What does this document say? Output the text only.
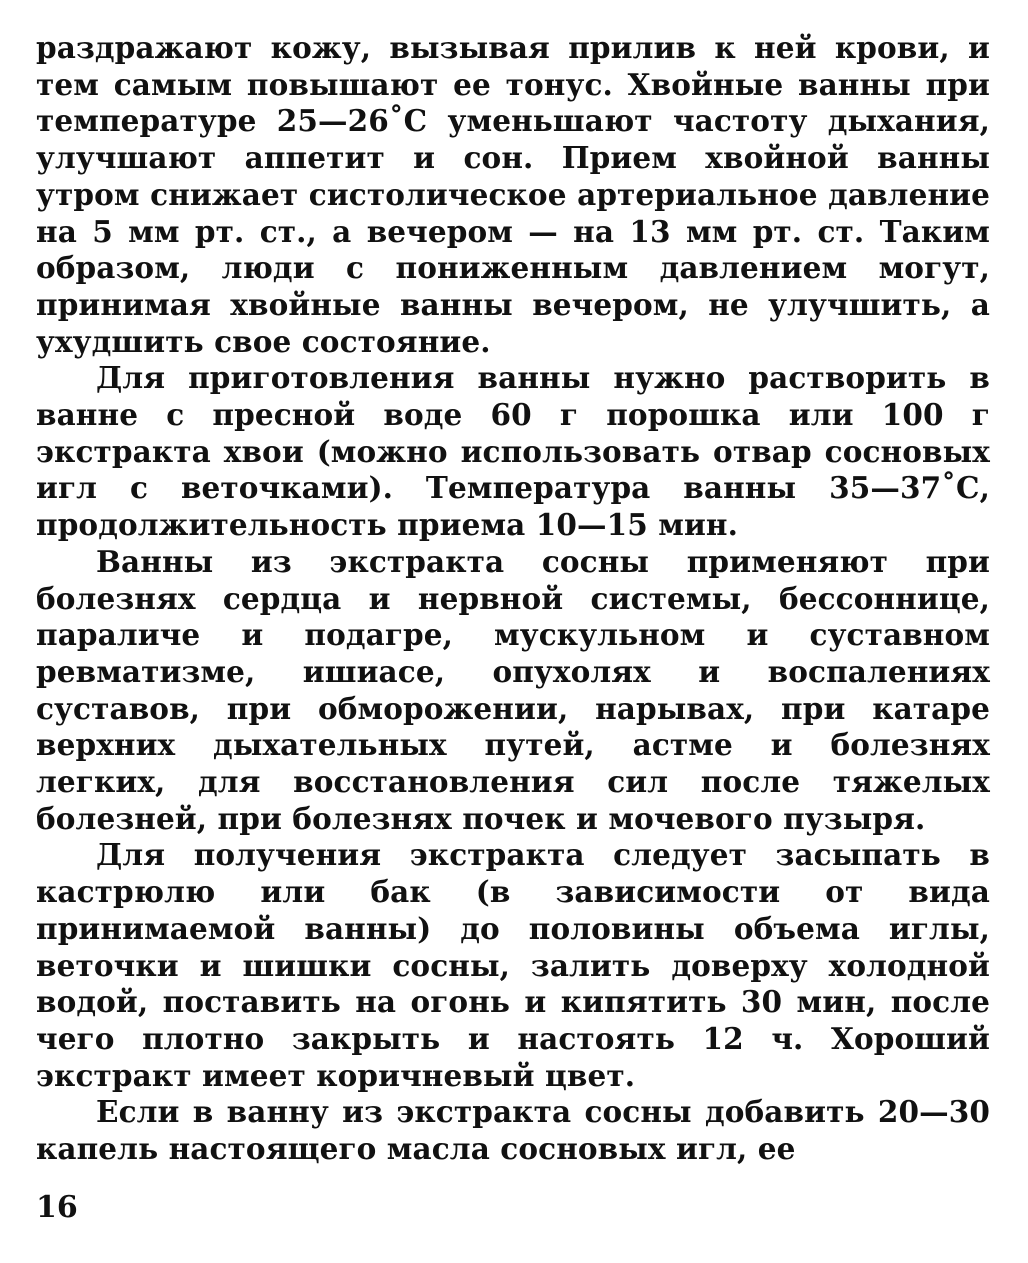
раздражают кожу, вызывая прилив к ней крови, и тем самым повышают ее тонус. Хвойные ванны при температуре 25—26˚С уменьшают частоту дыхания, улучшают аппетит и сон. Прием хвойной ванны утром снижает систолическое артериальное давление на 5 мм рт. ст., а вечером — на 13 мм рт. ст. Таким образом, люди с пониженным давлением могут, принимая хвойные ванны вечером, не улучшить, а ухудшить свое состояние.

Для приготовления ванны нужно растворить в ванне с пресной воде 60 г порошка или 100 г экстракта хвои (можно использовать отвар сосновых игл с веточками). Температура ванны 35—37˚С, продолжительность приема 10—15 мин.

Ванны из экстракта сосны применяют при болезнях сердца и нервной системы, бессоннице, параличе и подагре, мускульном и суставном ревматизме, ишиасе, опухолях и воспалениях суставов, при обморожении, нарывах, при катаре верхних дыхательных путей, астме и болезнях легких, для восстановления сил после тяжелых болезней, при болезнях почек и мочевого пузыря.

Для получения экстракта следует засыпать в кастрюлю или бак (в зависимости от вида принимаемой ванны) до половины объема иглы, веточки и шишки сосны, залить доверху холодной водой, поставить на огонь и кипятить 30 мин, после чего плотно закрыть и настоять 12 ч. Хороший экстракт имеет коричневый цвет.

Если в ванну из экстракта сосны добавить 20—30 капель настоящего масла сосновых игл, ее

16
